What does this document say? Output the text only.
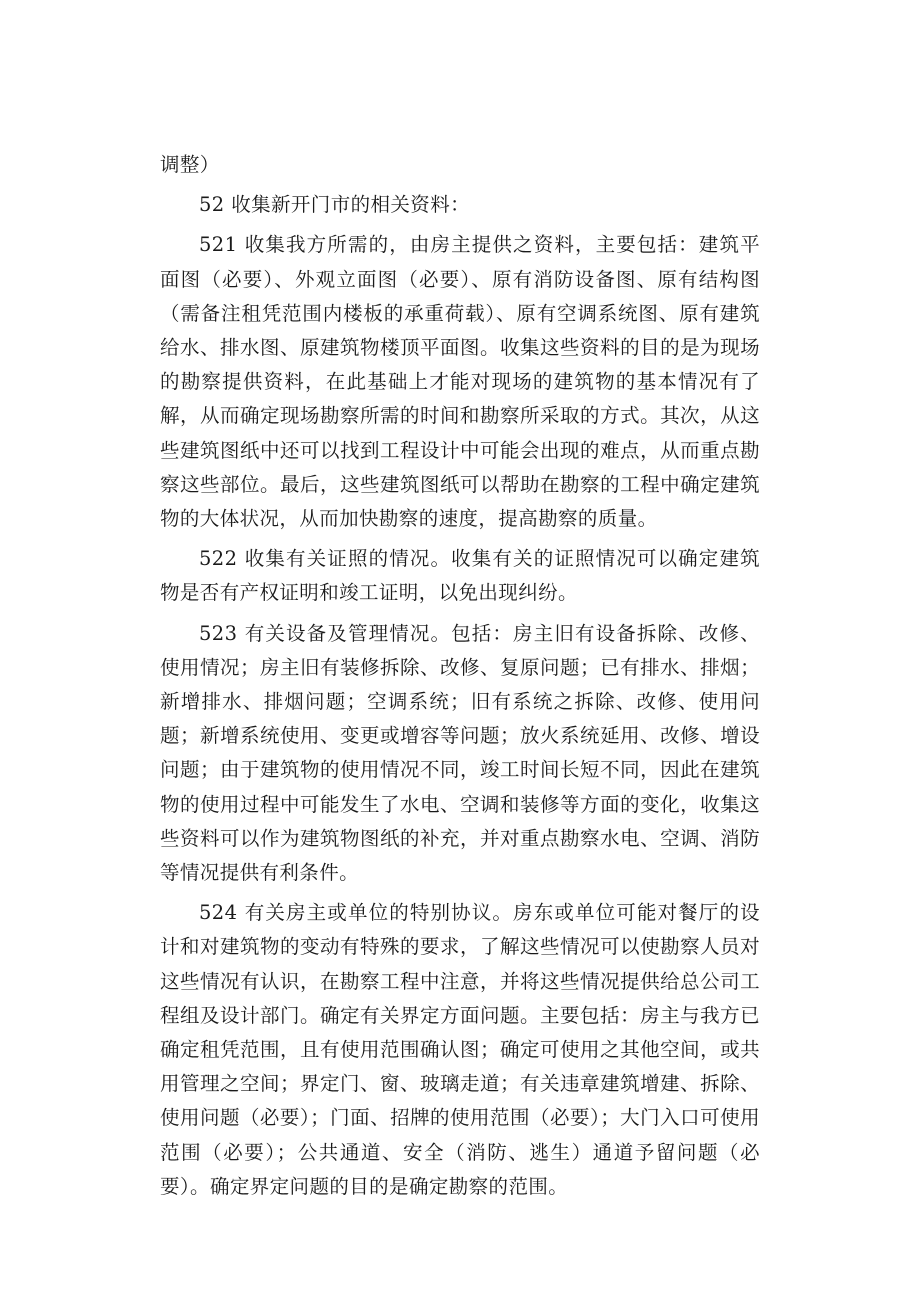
调整）

52 收集新开门市的相关资料：

521 收集我方所需的，由房主提供之资料，主要包括：建筑平面图（必要）、外观立面图（必要）、原有消防设备图、原有结构图（需备注租凭范围内楼板的承重荷载）、原有空调系统图、原有建筑给水、排水图、原建筑物楼顶平面图。收集这些资料的目的是为现场的勘察提供资料，在此基础上才能对现场的建筑物的基本情况有了解，从而确定现场勘察所需的时间和勘察所采取的方式。其次，从这些建筑图纸中还可以找到工程设计中可能会出现的难点，从而重点勘察这些部位。最后，这些建筑图纸可以帮助在勘察的工程中确定建筑物的大体状况，从而加快勘察的速度，提高勘察的质量。

522 收集有关证照的情况。收集有关的证照情况可以确定建筑物是否有产权证明和竣工证明，以免出现纠纷。

523 有关设备及管理情况。包括：房主旧有设备拆除、改修、使用情况；房主旧有装修拆除、改修、复原问题；已有排水、排烟；新增排水、排烟问题；空调系统；旧有系统之拆除、改修、使用问题；新增系统使用、变更或增容等问题；放火系统延用、改修、增设问题；由于建筑物的使用情况不同，竣工时间长短不同，因此在建筑物的使用过程中可能发生了水电、空调和装修等方面的变化，收集这些资料可以作为建筑物图纸的补充，并对重点勘察水电、空调、消防等情况提供有利条件。

524 有关房主或单位的特别协议。房东或单位可能对餐厅的设计和对建筑物的变动有特殊的要求，了解这些情况可以使勘察人员对这些情况有认识，在勘察工程中注意，并将这些情况提供给总公司工程组及设计部门。确定有关界定方面问题。主要包括：房主与我方已确定租凭范围，且有使用范围确认图；确定可使用之其他空间，或共用管理之空间；界定门、窗、玻璃走道；有关违章建筑增建、拆除、使用问题（必要）；门面、招牌的使用范围（必要）；大门入口可使用范围（必要）；公共通道、安全（消防、逃生）通道予留问题（必要）。确定界定问题的目的是确定勘察的范围。
